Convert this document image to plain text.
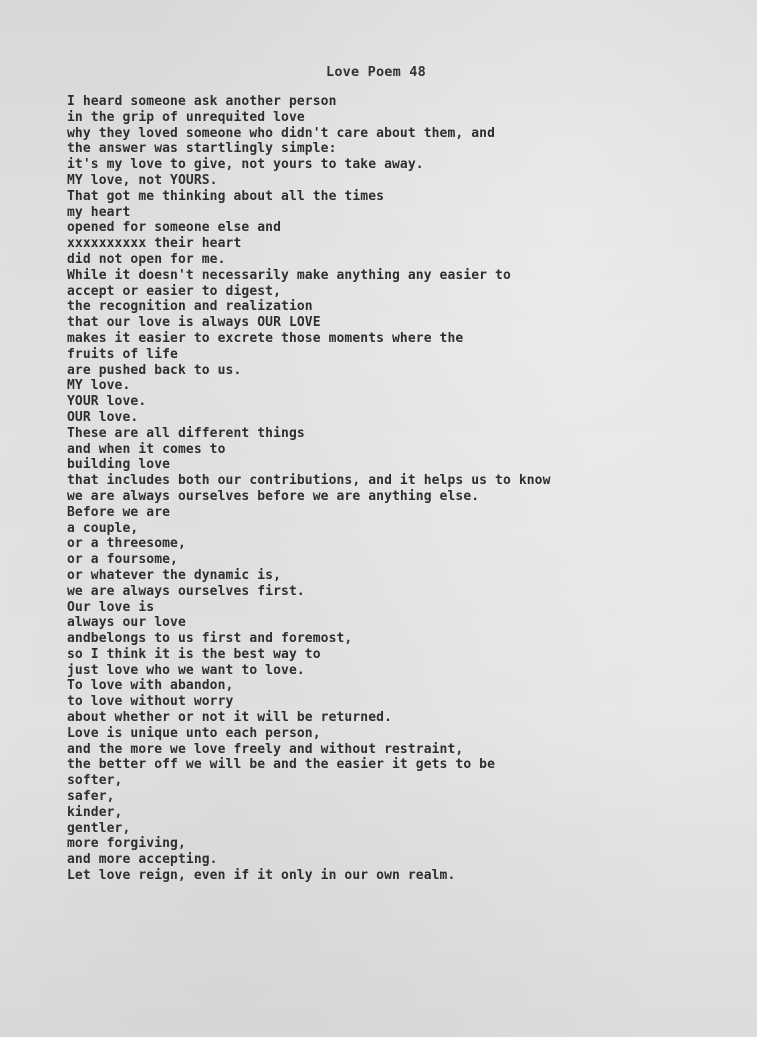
Love Poem 48
I heard someone ask another person
in the grip of unrequited love
why they loved someone who didn't care about them, and
the answer was startlingly simple:
it's my love to give, not yours to take away.
MY love, not YOURS.
That got me thinking about all the times
my heart
opened for someone else and
xxxxxxxxxx their heart
did not open for me.
While it doesn't necessarily make anything any easier to
accept or easier to digest,
the recognition and realization
that our love is always OUR LOVE
makes it easier to excrete those moments where the
fruits of life
are pushed back to us.
MY love.
YOUR love.
OUR love.
These are all different things
and when it comes to
building love
that includes both our contributions, and it helps us to know
we are always ourselves before we are anything else.
Before we are
a couple,
or a threesome,
or a foursome,
or whatever the dynamic is,
we are always ourselves first.
Our love is
always our love
andbelongs to us first and foremost,
so I think it is the best way to
just love who we want to love.
To love with abandon,
to love without worry
about whether or not it will be returned.
Love is unique unto each person,
and the more we love freely and without restraint,
the better off we will be and the easier it gets to be
softer,
safer,
kinder,
gentler,
more forgiving,
and more accepting.
Let love reign, even if it only in our own realm.
